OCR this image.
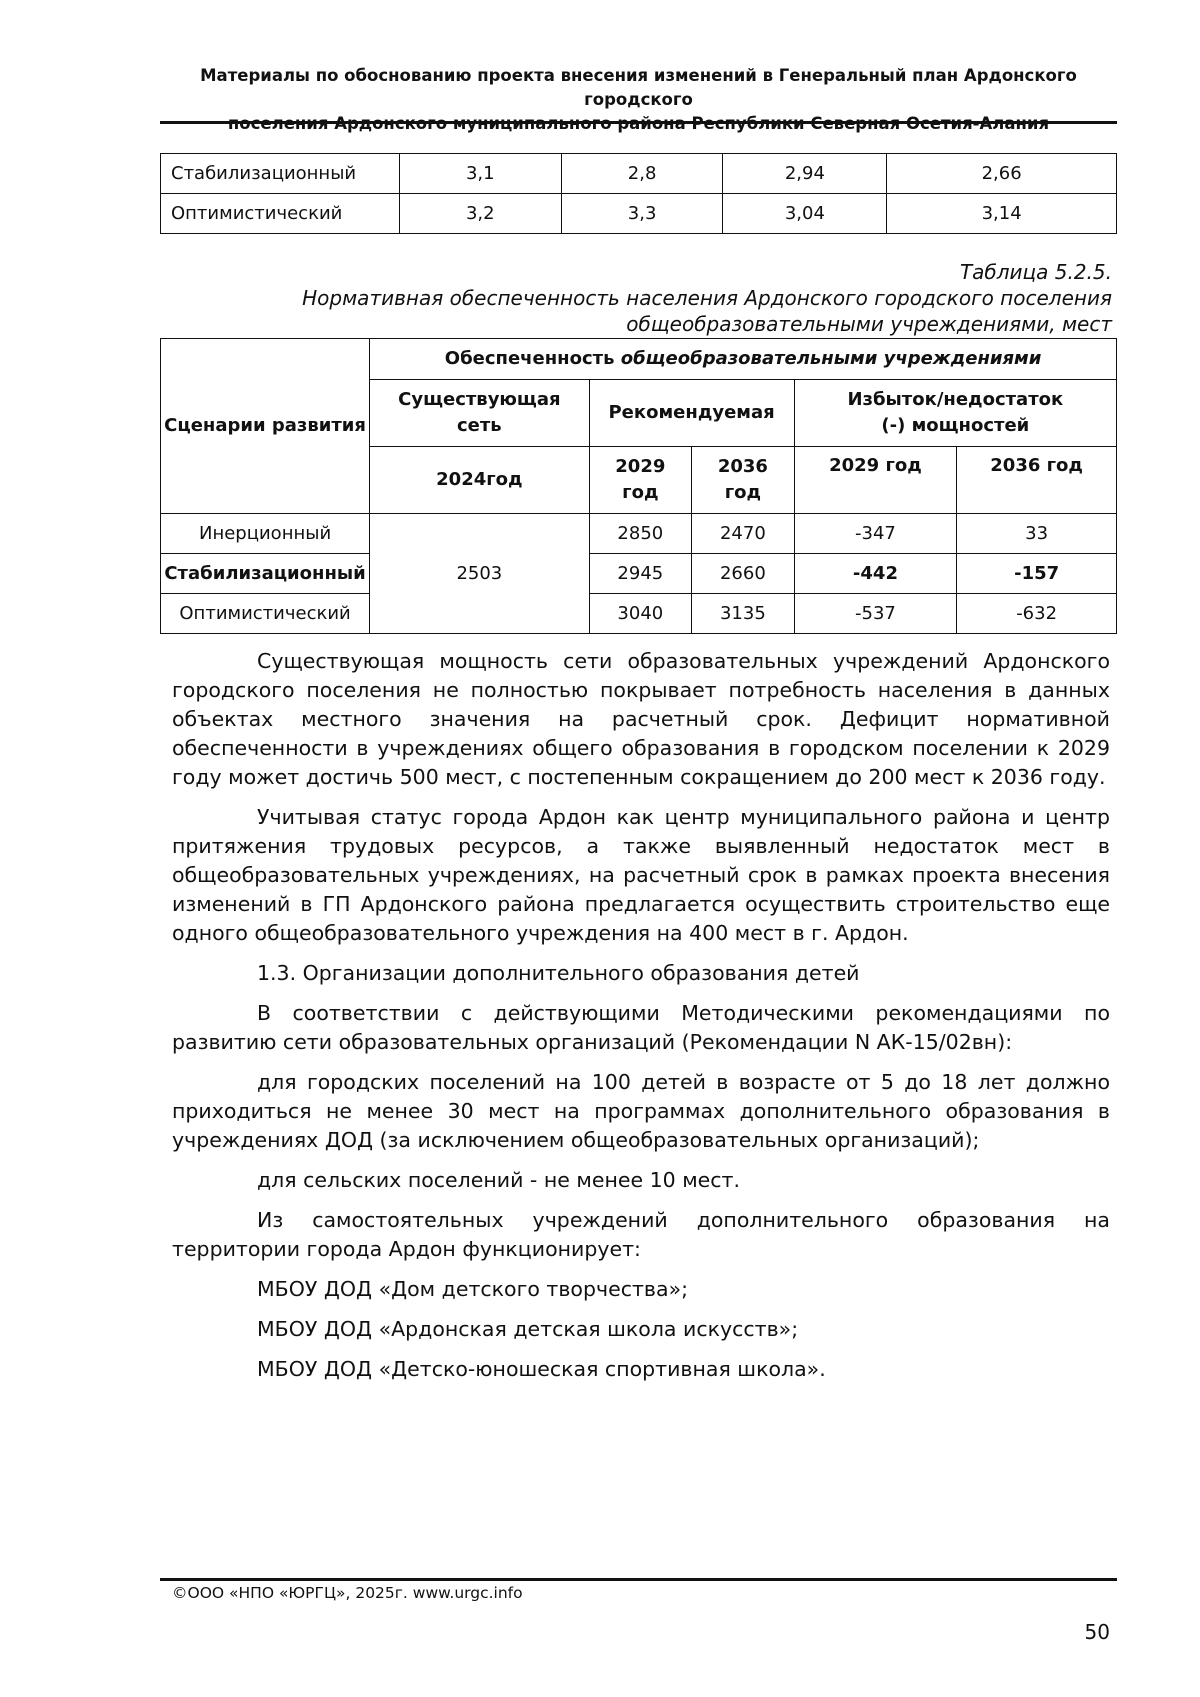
Материалы по обоснованию проекта внесения изменений в Генеральный план Ардонского городского
Стабилизационный	3,1	2,8	2,94	2,66
Оптимистический	3,2	3,3	3,04	3,14
Таблица 5.2.5.
Нормативная обеспеченность населения Ардонского городского поселения
общеобразовательными учреждениями, мест
Сценарии развития	Обеспеченность общеобразовательными учреждениями				
	Существующая сеть	Рекомендуемая		Избыток/недостаток (-) мощностей	
	2024год	2029 год	2036 год	2029 год	2036 год
Инерционный	2503	2850	2470	-347	33
Стабилизационный		2945	2660	-442	-157
Оптимистический		3040	3135	-537	-632

Существующая мощность сети образовательных учреждений Ардонского городского поселения не полностью покрывает потребность населения в данных объектах местного значения на расчетный срок. Дефицит нормативной обеспеченности в учреждениях общего образования в городском поселении к 2029 году может достичь 500 мест, с постепенным сокращением до 200 мест к 2036 году.

Учитывая статус города Ардон как центр муниципального района и центр притяжения трудовых ресурсов, а также выявленный недостаток мест в общеобразовательных учреждениях, на расчетный срок в рамках проекта внесения изменений в ГП Ардонского района предлагается осуществить строительство еще одного общеобразовательного учреждения на 400 мест в г. Ардон.

1.3. Организации дополнительного образования детей

В соответствии с действующими Методическими рекомендациями по развитию сети образовательных организаций (Рекомендации N АК-15/02вн):

для городских поселений на 100 детей в возрасте от 5 до 18 лет должно приходиться не менее 30 мест на программах дополнительного образования в учреждениях ДОД (за исключением общеобразовательных организаций);

для сельских поселений - не менее 10 мест.

Из самостоятельных учреждений дополнительного образования на территории города Ардон функционирует:

МБОУ ДОД «Дом детского творчества»;

МБОУ ДОД «Ардонская детская школа искусств»;

МБОУ ДОД «Детско-юношеская спортивная школа».

©ООО «НПО «ЮРГЦ», 2025г. www.urgc.info
50
